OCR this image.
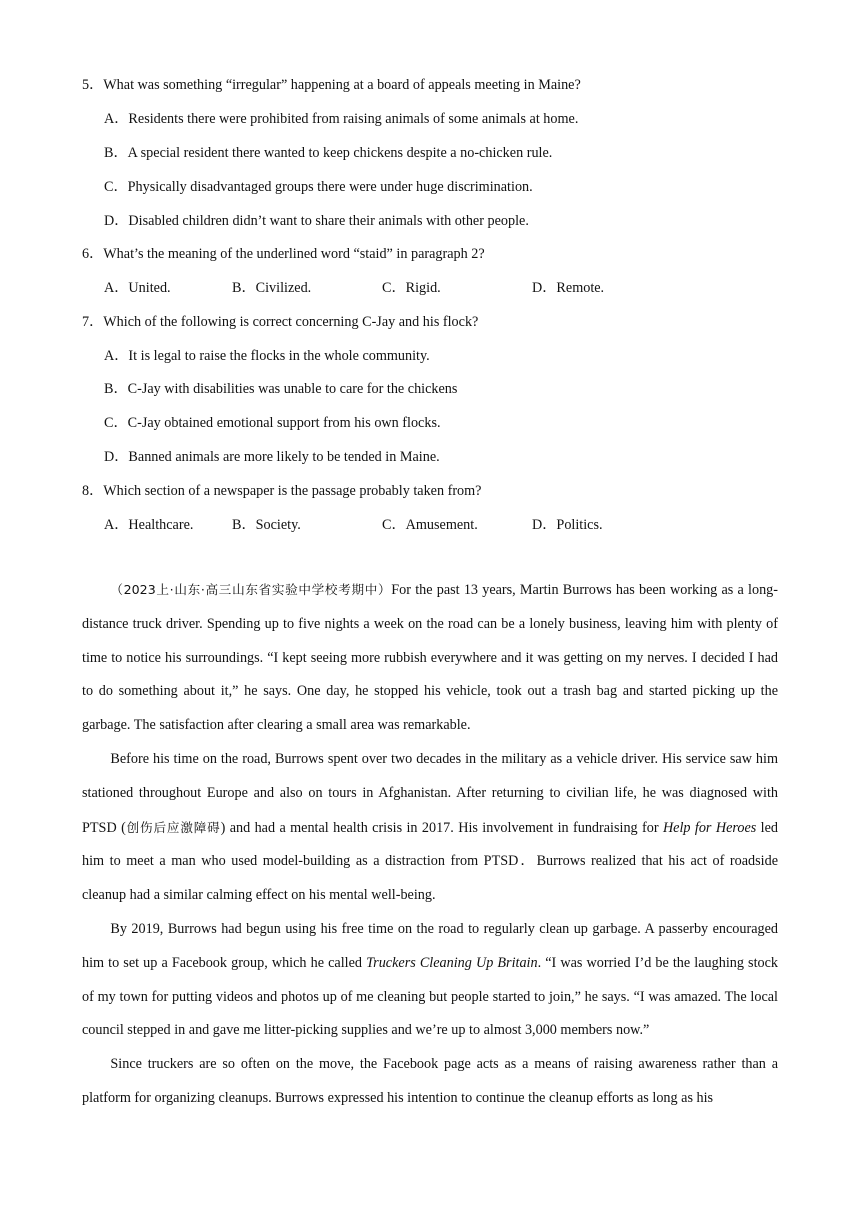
5．What was something “irregular” happening at a board of appeals meeting in Maine?
A．Residents there were prohibited from raising animals of some animals at home.
B．A special resident there wanted to keep chickens despite a no-chicken rule.
C．Physically disadvantaged groups there were under huge discrimination.
D．Disabled children didn’t want to share their animals with other people.
6．What’s the meaning of the underlined word “staid” in paragraph 2?
A．United.	B．Civilized.	C．Rigid.	D．Remote.
7．Which of the following is correct concerning C-Jay and his flock?
A．It is legal to raise the flocks in the whole community.
B．C-Jay with disabilities was unable to care for the chickens
C．C-Jay obtained emotional support from his own flocks.
D．Banned animals are more likely to be tended in Maine.
8．Which section of a newspaper is the passage probably taken from?
A．Healthcare.	B．Society.	C．Amusement.	D．Politics.

（2023上·山东·高三山东省实验中学校考期中）For the past 13 years, Martin Burrows has been working as a long-distance truck driver. Spending up to five nights a week on the road can be a lonely business, leaving him with plenty of time to notice his surroundings. “I kept seeing more rubbish everywhere and it was getting on my nerves. I decided I had to do something about it,” he says. One day, he stopped his vehicle, took out a trash bag and started picking up the garbage. The satisfaction after clearing a small area was remarkable.

Before his time on the road, Burrows spent over two decades in the military as a vehicle driver. His service saw him stationed throughout Europe and also on tours in Afghanistan. After returning to civilian life, he was diagnosed with PTSD (创伤后应激障碍) and had a mental health crisis in 2017. His involvement in fundraising for Help for Heroes led him to meet a man who used model-building as a distraction from PTSD．Burrows realized that his act of roadside cleanup had a similar calming effect on his mental well-being.

By 2019, Burrows had begun using his free time on the road to regularly clean up garbage. A passerby encouraged him to set up a Facebook group, which he called Truckers Cleaning Up Britain. “I was worried I’d be the laughing stock of my town for putting videos and photos up of me cleaning but people started to join,” he says. “I was amazed. The local council stepped in and gave me litter-picking supplies and we’re up to almost 3,000 members now.”

Since truckers are so often on the move, the Facebook page acts as a means of raising awareness rather than a platform for organizing cleanups. Burrows expressed his intention to continue the cleanup efforts as long as his
